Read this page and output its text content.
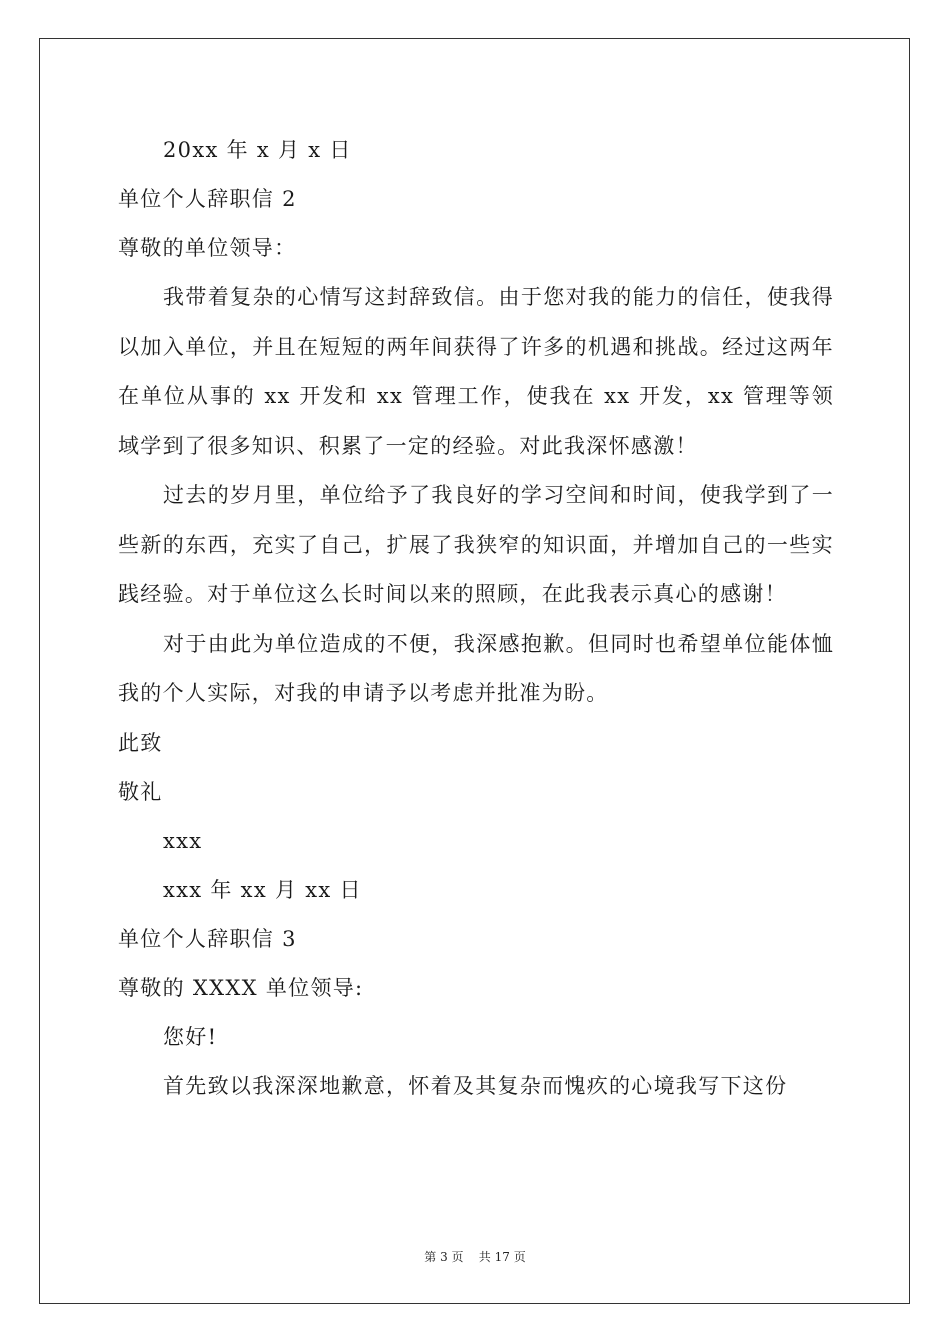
20xx 年 x 月 x 日
单位个人辞职信 2
尊敬的单位领导：
我带着复杂的心情写这封辞致信。由于您对我的能力的信任，使我得以加入单位，并且在短短的两年间获得了许多的机遇和挑战。经过这两年在单位从事的 xx 开发和 xx 管理工作，使我在 xx 开发，xx 管理等领域学到了很多知识、积累了一定的经验。对此我深怀感激！
过去的岁月里，单位给予了我良好的学习空间和时间，使我学到了一些新的东西，充实了自己，扩展了我狭窄的知识面，并增加自己的一些实践经验。对于单位这么长时间以来的照顾，在此我表示真心的感谢！
对于由此为单位造成的不便，我深感抱歉。但同时也希望单位能体恤我的个人实际，对我的申请予以考虑并批准为盼。
此致
敬礼
xxx
xxx 年 xx 月 xx 日
单位个人辞职信 3
尊敬的 XXXX 单位领导:
您好!
首先致以我深深地歉意，怀着及其复杂而愧疚的心境我写下这份
第 3 页    共 17 页
